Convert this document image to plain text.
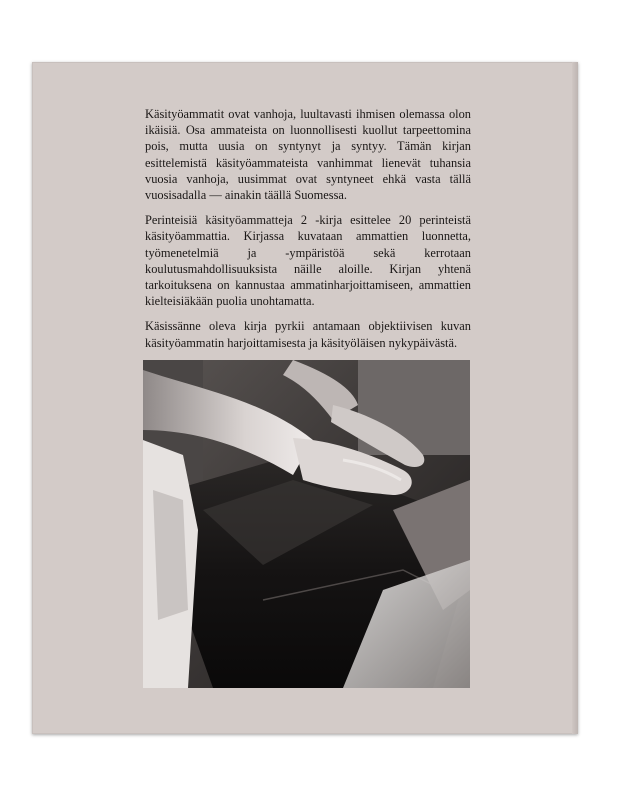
Käsityöammatit ovat vanhoja, luultavasti ihmisen olemassa olon ikäisiä. Osa ammateista on luonnollisesti kuollut tarpeettomina pois, mutta uusia on syntynyt ja syntyy. Tämän kirjan esittelemistä käsityöammateista vanhimmat lienevät tuhansia vuosia vanhoja, uusimmat ovat syntyneet ehkä vasta tällä vuosisadalla — ainakin täällä Suomessa.

Perinteisiä käsityöammatteja 2 -kirja esittelee 20 perinteistä käsityöammattia. Kirjassa kuvataan ammattien luonnetta, työmenetelmiä ja -ympäristöä sekä kerrotaan koulutusmahdollisuuksista näille aloille. Kirjan yhtenä tarkoituksena on kannustaa ammatinharjoittamiseen, ammattien kielteisiäkään puolia unohtamatta.

Käsissänne oleva kirja pyrkii antamaan objektiivisen kuvan käsityöammatin harjoittamisesta ja käsityöläisen nykypäivästä.
